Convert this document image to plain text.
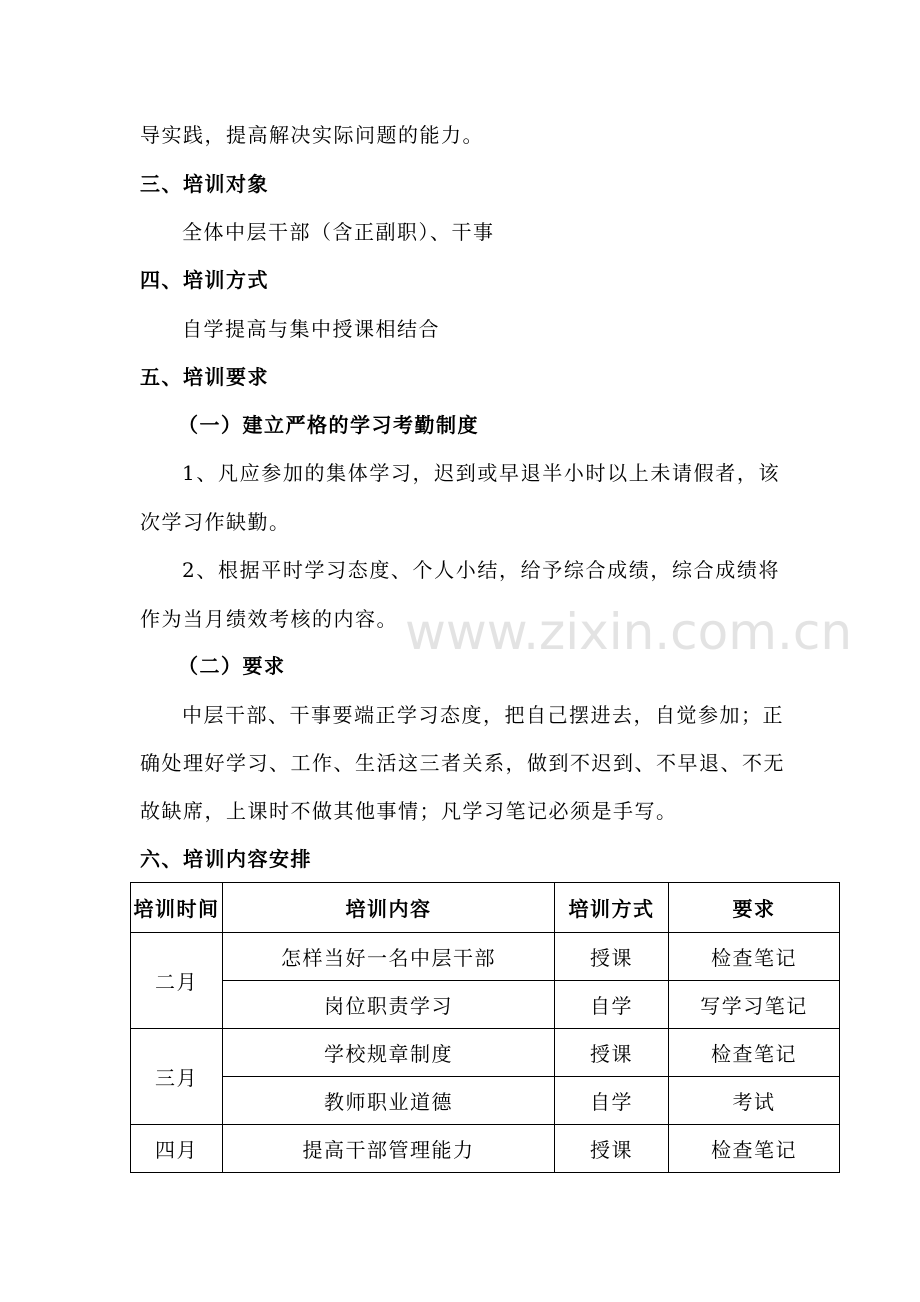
www.zixin.com.cn
导实践，提高解决实际问题的能力。
三、培训对象
全体中层干部（含正副职）、干事
四、培训方式
自学提高与集中授课相结合
五、培训要求
（一）建立严格的学习考勤制度
1、凡应参加的集体学习，迟到或早退半小时以上未请假者，该
次学习作缺勤。
2、根据平时学习态度、个人小结，给予综合成绩，综合成绩将
作为当月绩效考核的内容。
（二）要求
中层干部、干事要端正学习态度，把自己摆进去，自觉参加；正
确处理好学习、工作、生活这三者关系，做到不迟到、不早退、不无
故缺席，上课时不做其他事情；凡学习笔记必须是手写。
六、培训内容安排
培训时间	培训内容	培训方式	要求
二月	怎样当好一名中层干部	授课	检查笔记
	岗位职责学习	自学	写学习笔记
三月	学校规章制度	授课	检查笔记
	教师职业道德	自学	考试
四月	提高干部管理能力	授课	检查笔记
